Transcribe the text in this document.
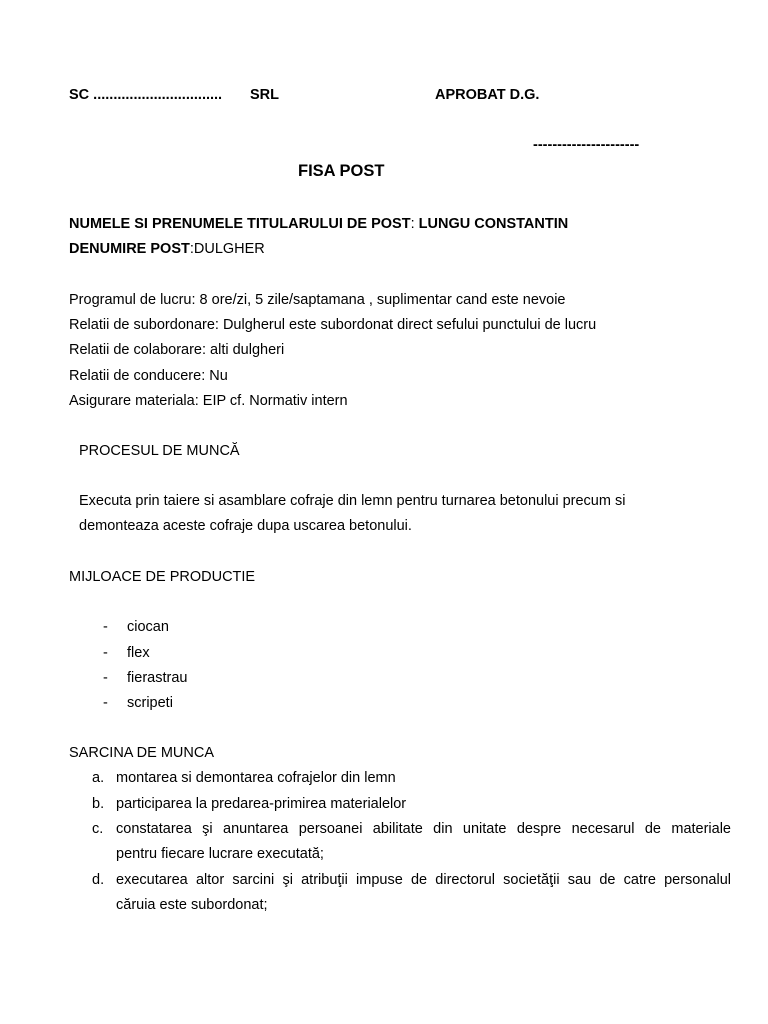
SC ................................ SRL	APROBAT D.G.
----------------------
FISA POST
NUMELE SI PRENUMELE TITULARULUI DE POST: LUNGU CONSTANTIN
DENUMIRE POST:DULGHER
Programul de lucru: 8 ore/zi, 5 zile/saptamana , suplimentar cand este nevoie
Relatii de subordonare: Dulgherul este subordonat direct sefului punctului de lucru
Relatii de colaborare: alti dulgheri
Relatii de conducere: Nu
Asigurare materiala: EIP cf. Normativ intern
PROCESUL DE MUNCĂ
Executa prin taiere si asamblare cofraje din lemn pentru turnarea betonului precum si
demonteaza aceste cofraje dupa uscarea betonului.
MIJLOACE DE PRODUCTIE
- ciocan
- flex
- fierastrau
- scripeti
SARCINA DE MUNCA
a. montarea si demontarea cofrajelor din lemn
b. participarea la predarea-primirea materialelor
c. constatarea şi anuntarea persoanei abilitate din unitate despre necesarul de materiale
pentru fiecare lucrare executată;
d. executarea altor sarcini şi atribuţii impuse de directorul societăţii sau de catre personalul
căruia este subordonat;
